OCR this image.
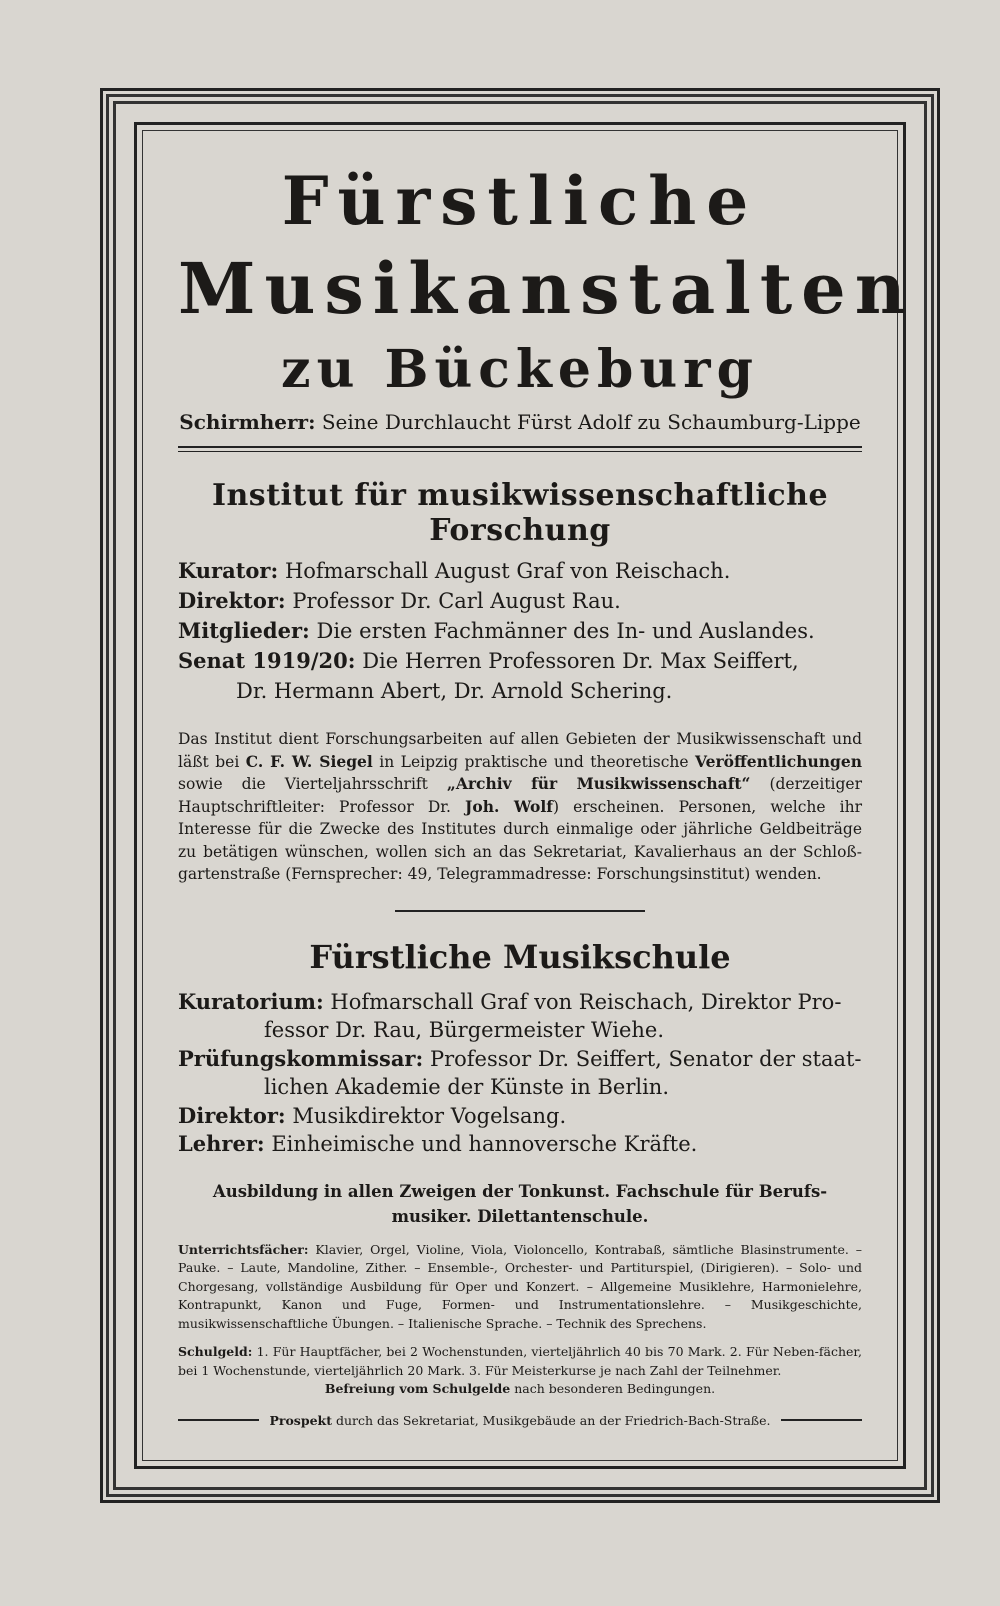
Fürstliche
Musikanstalten
zu Bückeburg
Schirmherr: Seine Durchlaucht Fürst Adolf zu Schaumburg-Lippe
Institut für musikwissenschaftliche Forschung

Kurator: Hofmarschall August Graf von Reischach.

Direktor: Professor Dr. Carl August Rau.

Mitglieder: Die ersten Fachmänner des In- und Auslandes.

Senat 1919/20: Die Herren Professoren Dr. Max Seiffert,

Dr. Hermann Abert, Dr. Arnold Schering.

Das Institut dient Forschungsarbeiten auf allen Gebieten der Musikwissenschaft und läßt bei C. F. W. Siegel in Leipzig praktische und theoretische Veröffentlichungen sowie die Vierteljahrsschrift „Archiv für Musikwissenschaft“ (derzeitiger Hauptschriftleiter: Professor Dr. Joh. Wolf) erscheinen. Personen, welche ihr Interesse für die Zwecke des Institutes durch einmalige oder jährliche Geldbeiträge zu betätigen wünschen, wollen sich an das Sekretariat, Kavalierhaus an der Schloß-gartenstraße (Fernsprecher: 49, Telegrammadresse: Forschungsinstitut) wenden.

Fürstliche Musikschule

Kuratorium: Hofmarschall Graf von Reischach, Direktor Pro-

fessor Dr. Rau, Bürgermeister Wiehe.

Prüfungskommissar: Professor Dr. Seiffert, Senator der staat-

lichen Akademie der Künste in Berlin.

Direktor: Musikdirektor Vogelsang.

Lehrer: Einheimische und hannoversche Kräfte.

Ausbildung in allen Zweigen der Tonkunst. Fachschule für Berufs-
musiker. Dilettantenschule.

Unterrichtsfächer: Klavier, Orgel, Violine, Viola, Violoncello, Kontrabaß, sämtliche Blasinstrumente. – Pauke. – Laute, Mandoline, Zither. – Ensemble-, Orchester- und Partiturspiel, (Dirigieren). – Solo- und Chorgesang, vollständige Ausbildung für Oper und Konzert. – Allgemeine Musiklehre, Harmonielehre, Kontrapunkt, Kanon und Fuge, Formen- und Instrumentationslehre. – Musikgeschichte, musikwissenschaftliche Übungen. – Italienische Sprache. – Technik des Sprechens.

Schulgeld: 1. Für Hauptfächer, bei 2 Wochenstunden, vierteljährlich 40 bis 70 Mark. 2. Für Neben-fächer, bei 1 Wochenstunde, vierteljährlich 20 Mark. 3. Für Meisterkurse je nach Zahl der Teilnehmer.

Befreiung vom Schulgelde nach besonderen Bedingungen.

Prospekt durch das Sekretariat, Musikgebäude an der Friedrich-Bach-Straße.
